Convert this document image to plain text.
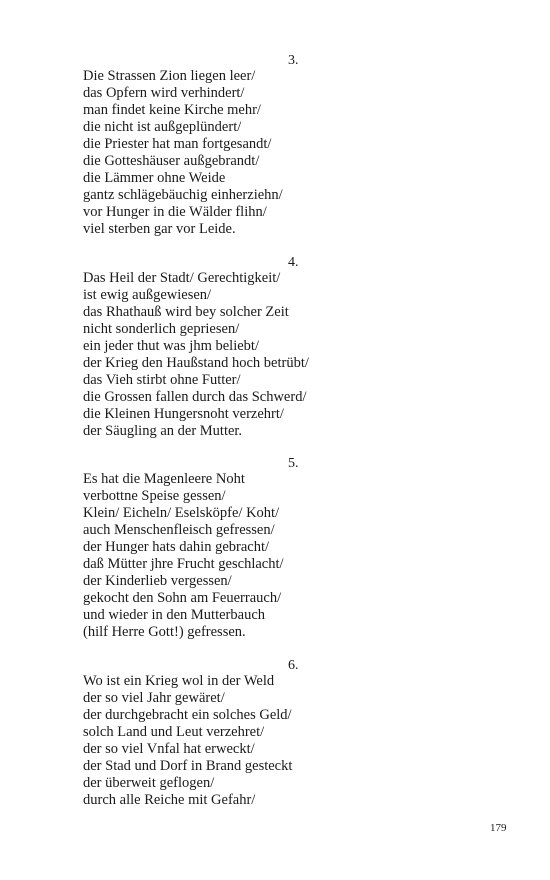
3.
Die Strassen Zion liegen leer/
das Opfern wird verhindert/
man findet keine Kirche mehr/
die nicht ist außgeplündert/
die Priester hat man fortgesandt/
die Gotteshäuser außgebrandt/
die Lämmer ohne Weide
gantz schlägebäuchig einherziehn/
vor Hunger in die Wälder flihn/
viel sterben gar vor Leide.
4.
Das Heil der Stadt/ Gerechtigkeit/
ist ewig außgewiesen/
das Rhathauß wird bey solcher Zeit
nicht sonderlich gepriesen/
ein jeder thut was jhm beliebt/
der Krieg den Haußstand hoch betrübt/
das Vieh stirbt ohne Futter/
die Grossen fallen durch das Schwerd/
die Kleinen Hungersnoht verzehrt/
der Säugling an der Mutter.
5.
Es hat die Magenleere Noht
verbottne Speise gessen/
Klein/ Eicheln/ Eselsköpfe/ Koht/
auch Menschenfleisch gefressen/
der Hunger hats dahin gebracht/
daß Mütter jhre Frucht geschlacht/
der Kinderlieb vergessen/
gekocht den Sohn am Feuerrauch/
und wieder in den Mutterbauch
(hilf Herre Gott!) gefressen.
6.
Wo ist ein Krieg wol in der Weld
der so viel Jahr gewäret/
der durchgebracht ein solches Geld/
solch Land und Leut verzehret/
der so viel Vnfal hat erweckt/
der Stad und Dorf in Brand gesteckt
der überweit geflogen/
durch alle Reiche mit Gefahr/
179
